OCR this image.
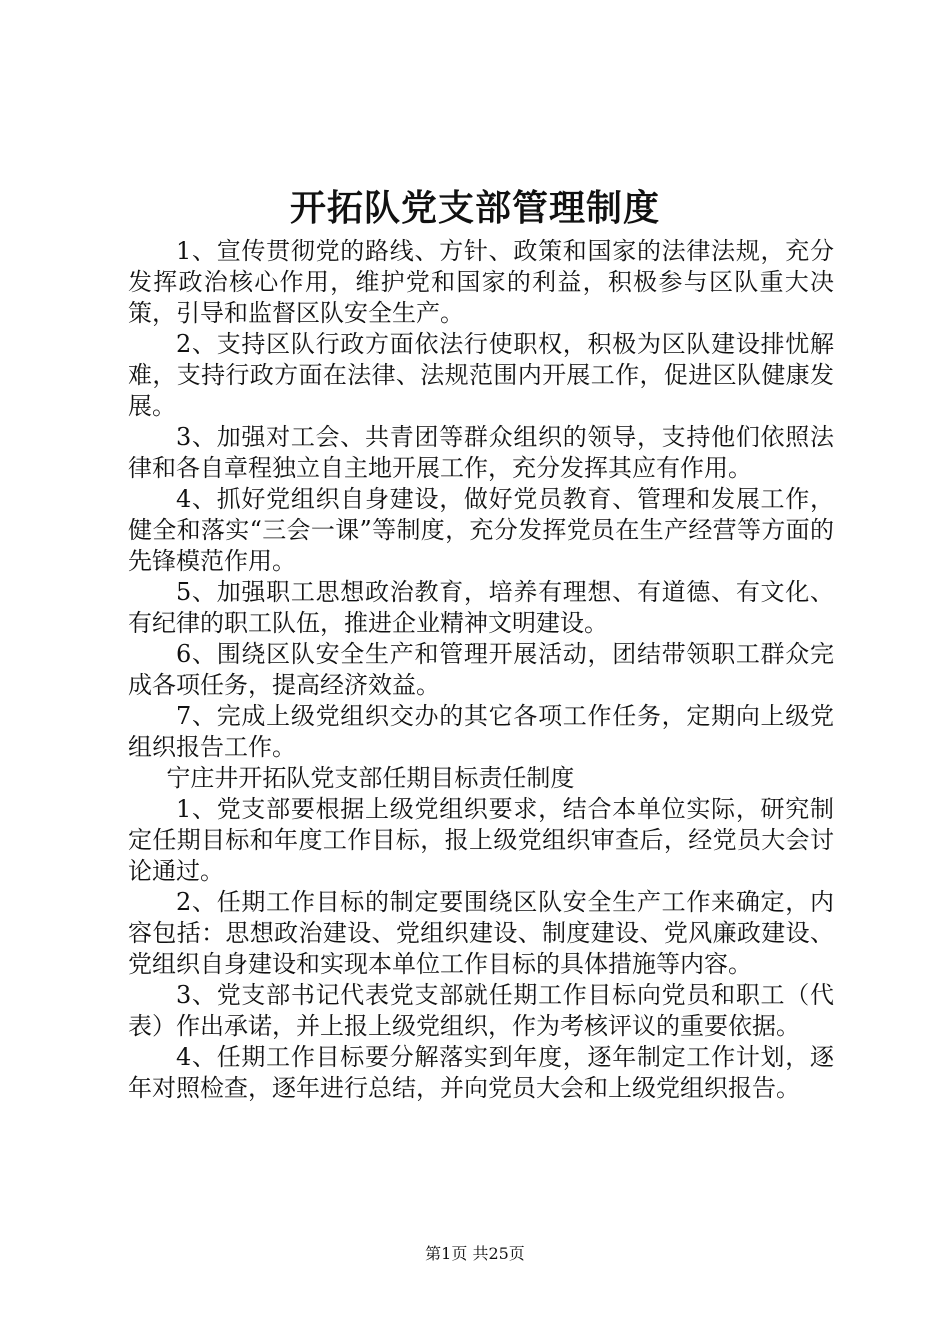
开拓队党支部管理制度

1、宣传贯彻党的路线、方针、政策和国家的法律法规，充分发挥政治核心作用，维护党和国家的利益，积极参与区队重大决策，引导和监督区队安全生产。

2、支持区队行政方面依法行使职权，积极为区队建设排忧解难，支持行政方面在法律、法规范围内开展工作，促进区队健康发展。

3、加强对工会、共青团等群众组织的领导，支持他们依照法律和各自章程独立自主地开展工作，充分发挥其应有作用。

4、抓好党组织自身建设，做好党员教育、管理和发展工作，健全和落实“三会一课”等制度，充分发挥党员在生产经营等方面的先锋模范作用。

5、加强职工思想政治教育，培养有理想、有道德、有文化、有纪律的职工队伍，推进企业精神文明建设。

6、围绕区队安全生产和管理开展活动，团结带领职工群众完成各项任务，提高经济效益。

7、完成上级党组织交办的其它各项工作任务，定期向上级党组织报告工作。

宁庄井开拓队党支部任期目标责任制度

1、党支部要根据上级党组织要求，结合本单位实际，研究制定任期目标和年度工作目标，报上级党组织审查后，经党员大会讨论通过。

2、任期工作目标的制定要围绕区队安全生产工作来确定，内容包括：思想政治建设、党组织建设、制度建设、党风廉政建设、党组织自身建设和实现本单位工作目标的具体措施等内容。

3、党支部书记代表党支部就任期工作目标向党员和职工（代表）作出承诺，并上报上级党组织，作为考核评议的重要依据。

4、任期工作目标要分解落实到年度，逐年制定工作计划，逐年对照检查，逐年进行总结，并向党员大会和上级党组织报告。

第1页 共25页
